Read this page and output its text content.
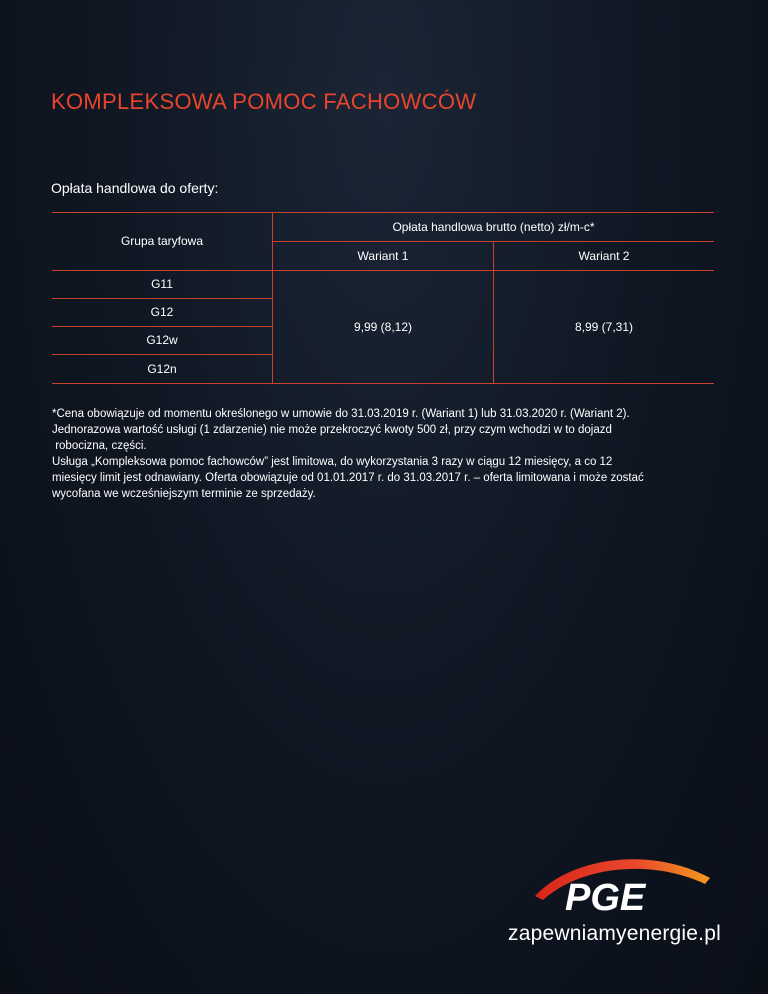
KOMPLEKSOWA POMOC FACHOWCÓW
Opłata handlowa do oferty:
Grupa taryfowa
Opłata handlowa brutto (netto) zł/m-c*
Wariant 1	Wariant 2
G11
G12
G12w
G12n
9,99 (8,12)	8,99 (7,31)

*Cena obowiązuje od momentu określonego w umowie do 31.03.2019 r. (Wariant 1) lub 31.03.2020 r. (Wariant 2).

Jednorazowa wartość usługi (1 zdarzenie) nie może przekroczyć kwoty 500 zł, przy czym wchodzi w to dojazd

robocizna, części.

Usługa „Kompleksowa pomoc fachowców” jest limitowa, do wykorzystania 3 razy w ciągu 12 miesięcy, a co 12

miesięcy limit jest odnawiany. Oferta obowiązuje od 01.01.2017 r. do 31.03.2017 r. – oferta limitowana i może zostać

wycofana we wcześniejszym terminie ze sprzedaży.

PGE
zapewniamyenergie.pl
